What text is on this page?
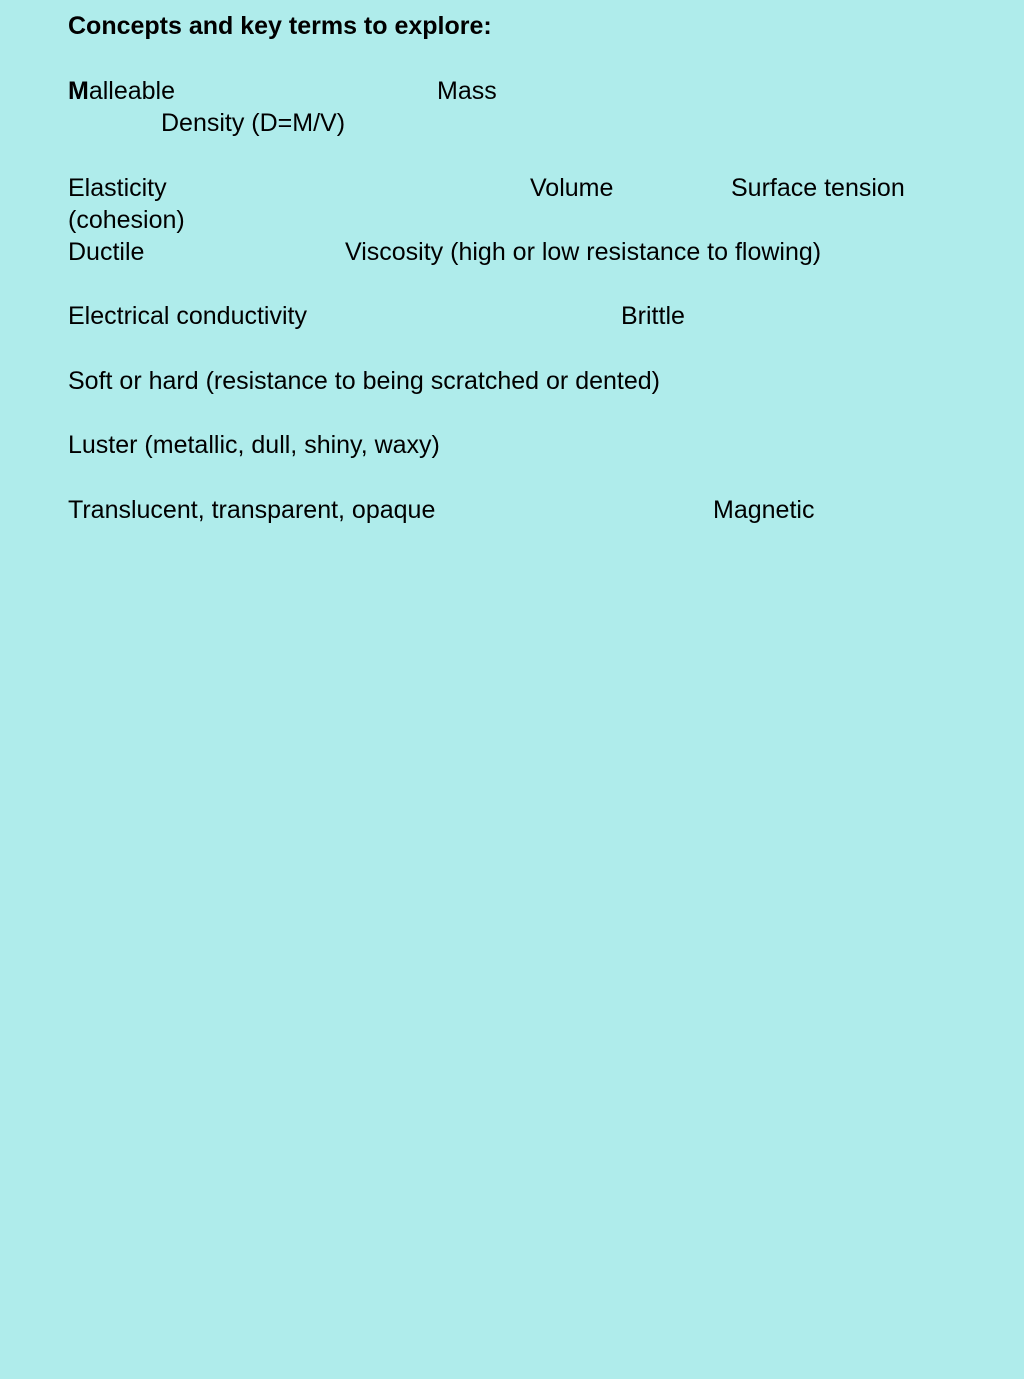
Concepts and key terms to explore:
Malleable	Mass
Density (D=M/V)
Elasticity	Volume	Surface tension
(cohesion)
Ductile	Viscosity (high or low resistance to flowing)
Electrical conductivity	Brittle
Soft or hard (resistance to being scratched or dented)
Luster (metallic, dull, shiny, waxy)
Translucent, transparent, opaque	Magnetic
